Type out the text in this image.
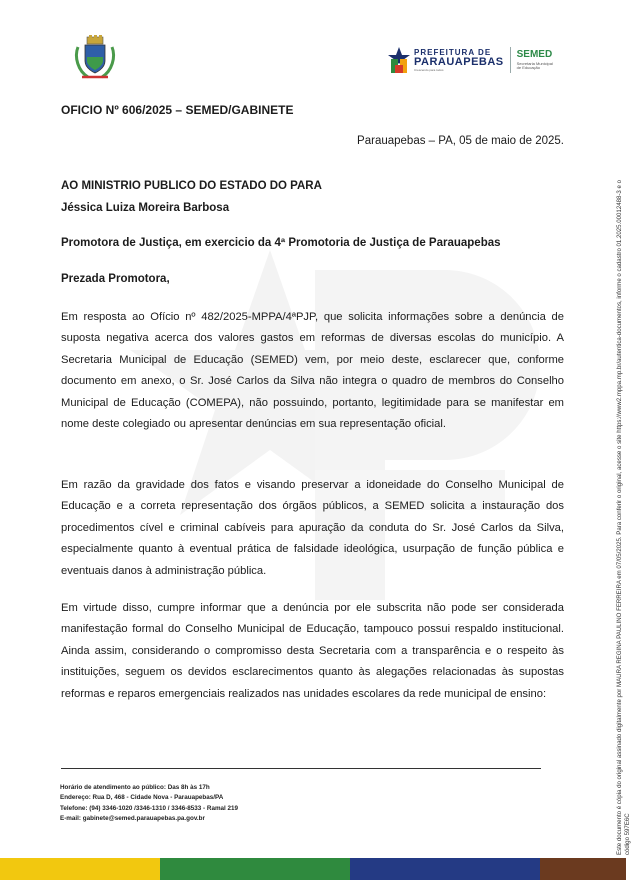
PREFEITURA DE
PARAUAPEBAS
Crescendo para todos
SEMED
Secretaria Municipal
de Educação
OFICIO Nº 606/2025 – SEMED/GABINETE
Parauapebas – PA, 05 de maio de 2025.
AO MINISTRIO PUBLICO DO ESTADO DO PARA
Jéssica Luiza Moreira Barbosa
Promotora de Justiça, em exercicio da 4ª Promotoria de Justiça de Parauapebas
Prezada Promotora,

Em resposta ao Ofício nº 482/2025-MPPA/4ªPJP, que solicita informações sobre a denúncia de suposta negativa acerca dos valores gastos em reformas de diversas escolas do município. A Secretaria Municipal de Educação (SEMED) vem, por meio deste, esclarecer que, conforme documento em anexo, o Sr. José Carlos da Silva não integra o quadro de membros do Conselho Municipal de Educação (COMEPA), não possuindo, portanto, legitimidade para se manifestar em nome deste colegiado ou apresentar denúncias em sua representação oficial.

Em razão da gravidade dos fatos e visando preservar a idoneidade do Conselho Municipal de Educação e a correta representação dos órgãos públicos, a SEMED solicita a instauração dos procedimentos cível e criminal cabíveis para apuração da conduta do Sr. José Carlos da Silva, especialmente quanto à eventual prática de falsidade ideológica, usurpação de função pública e eventuais danos à administração pública.

Em virtude disso, cumpre informar que a denúncia por ele subscrita não pode ser considerada manifestação formal do Conselho Municipal de Educação, tampouco possui respaldo institucional. Ainda assim, considerando o compromisso desta Secretaria com a transparência e o respeito às instituições, seguem os devidos esclarecimentos quanto às alegações relacionadas às supostas reformas e reparos emergenciais realizados nas unidades escolares da rede municipal de ensino:

Horário de atendimento ao público: Das 8h às 17h
Endereço: Rua D, 468 - Cidade Nova - Parauapebas/PA
Telefone: (94) 3346-1020 /3346-1310 / 3346-8533 - Ramal 219
E-mail: gabinete@semed.parauapebas.pa.gov.br	Este documento é cópia do original assinado digitalmente por MAURA REGINA PAULINO FERREIRA em 07/05/2025. Para conferir o original, acesse o site https://www2.mppa.mp.br/autentica-documentos, informe o cadastro 01.2025.00012488-3 e o código 597E6C
